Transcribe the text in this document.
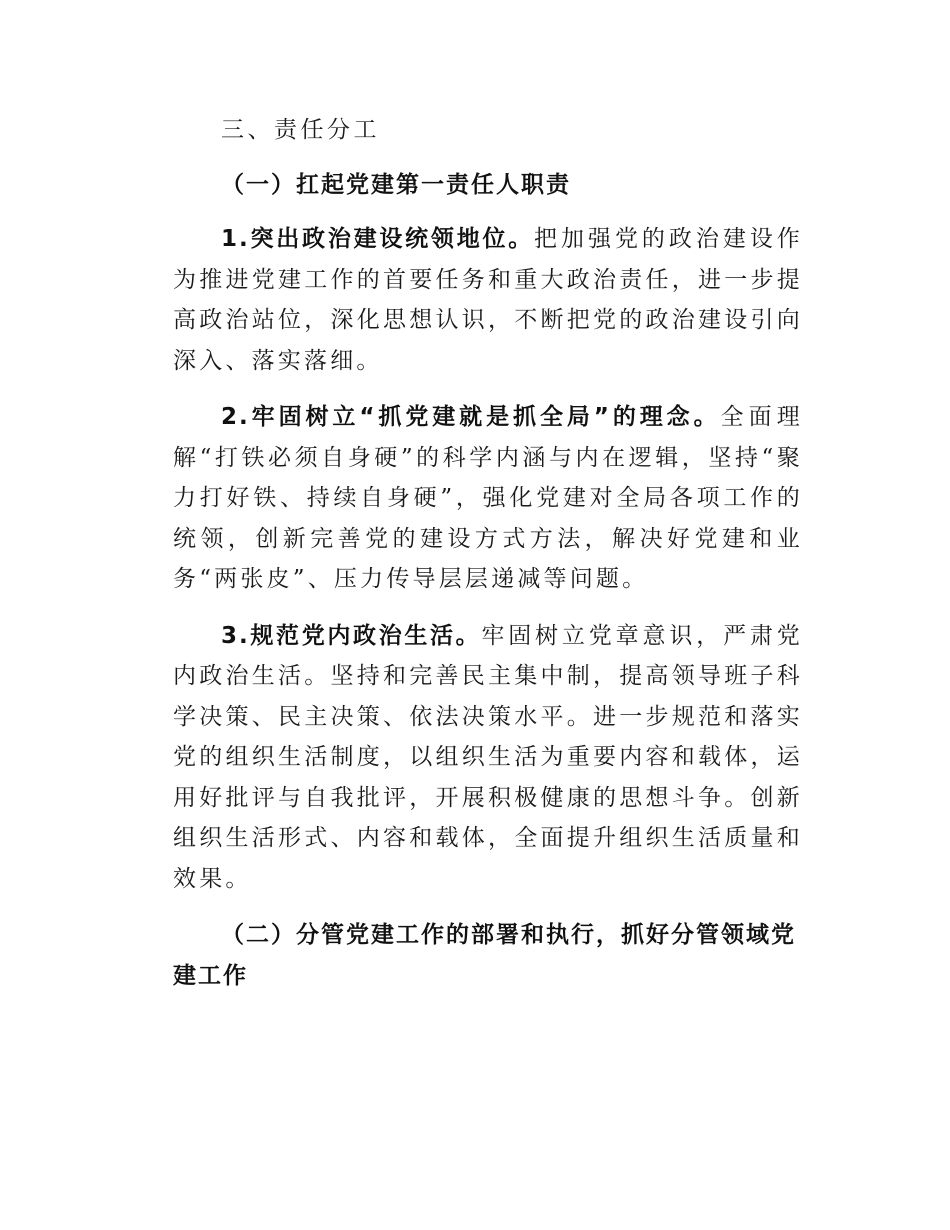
三、责任分工

（一）扛起党建第一责任人职责

1.突出政治建设统领地位。把加强党的政治建设作为推进党建工作的首要任务和重大政治责任，进一步提高政治站位，深化思想认识，不断把党的政治建设引向深入、落实落细。

2.牢固树立“抓党建就是抓全局”的理念。全面理解“打铁必须自身硬”的科学内涵与内在逻辑，坚持“聚力打好铁、持续自身硬”，强化党建对全局各项工作的统领，创新完善党的建设方式方法，解决好党建和业务“两张皮”、压力传导层层递减等问题。

3.规范党内政治生活。牢固树立党章意识，严肃党内政治生活。坚持和完善民主集中制，提高领导班子科学决策、民主决策、依法决策水平。进一步规范和落实党的组织生活制度，以组织生活为重要内容和载体，运用好批评与自我批评，开展积极健康的思想斗争。创新组织生活形式、内容和载体，全面提升组织生活质量和效果。

（二）分管党建工作的部署和执行，抓好分管领域党建工作
